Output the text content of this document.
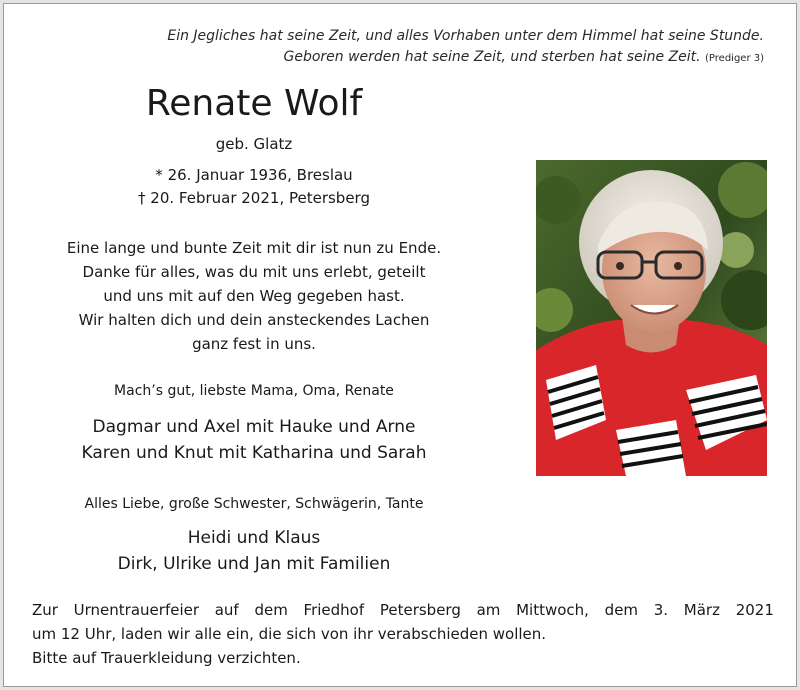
Ein Jegliches hat seine Zeit, und alles Vorhaben unter dem Himmel hat seine Stunde.
Geboren werden hat seine Zeit, und sterben hat seine Zeit. (Prediger 3)
Renate Wolf
geb. Glatz
* 26. Januar 1936, Breslau
† 20. Februar 2021, Petersberg
Eine lange und bunte Zeit mit dir ist nun zu Ende.
Danke für alles, was du mit uns erlebt, geteilt
und uns mit auf den Weg gegeben hast.
Wir halten dich und dein ansteckendes Lachen
ganz fest in uns.
Mach’s gut, liebste Mama, Oma, Renate
Dagmar und Axel mit Hauke und Arne
Karen und Knut mit Katharina und Sarah
Alles Liebe, große Schwester, Schwägerin, Tante
Heidi und Klaus
Dirk, Ulrike und Jan mit Familien
Zur Urnentrauerfeier auf dem Friedhof Petersberg am Mittwoch, dem 3. März 2021
um 12 Uhr, laden wir alle ein, die sich von ihr verabschieden wollen.
Bitte auf Trauerkleidung verzichten.
